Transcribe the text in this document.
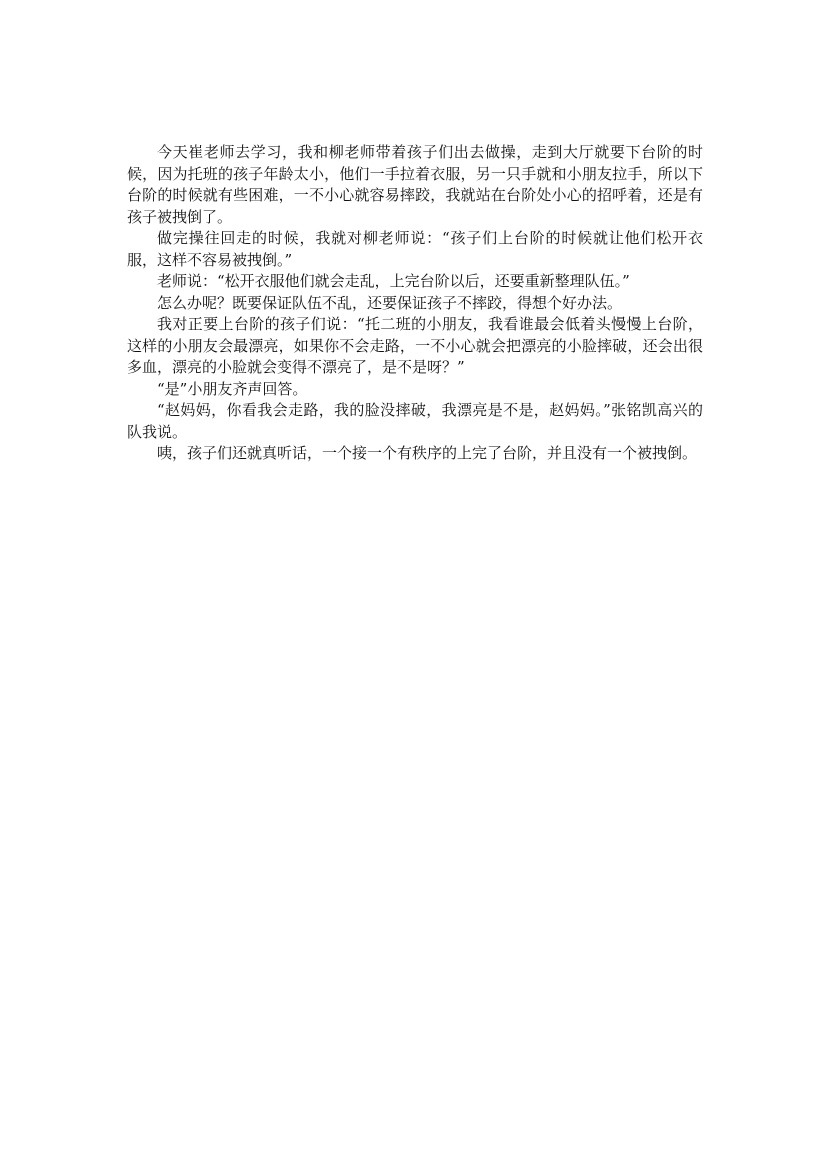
今天崔老师去学习，我和柳老师带着孩子们出去做操，走到大厅就要下台阶的时候，因为托班的孩子年龄太小，他们一手拉着衣服，另一只手就和小朋友拉手，所以下台阶的时候就有些困难，一不小心就容易摔跤，我就站在台阶处小心的招呼着，还是有孩子被拽倒了。

做完操往回走的时候，我就对柳老师说：“孩子们上台阶的时候就让他们松开衣服，这样不容易被拽倒。”

老师说：“松开衣服他们就会走乱，上完台阶以后，还要重新整理队伍。”

怎么办呢？既要保证队伍不乱，还要保证孩子不摔跤，得想个好办法。

我对正要上台阶的孩子们说：“托二班的小朋友，我看谁最会低着头慢慢上台阶，这样的小朋友会最漂亮，如果你不会走路，一不小心就会把漂亮的小脸摔破，还会出很多血，漂亮的小脸就会变得不漂亮了，是不是呀？”

“是”小朋友齐声回答。

“赵妈妈，你看我会走路，我的脸没摔破，我漂亮是不是，赵妈妈。”张铭凯高兴的队我说。

咦，孩子们还就真听话，一个接一个有秩序的上完了台阶，并且没有一个被拽倒。
